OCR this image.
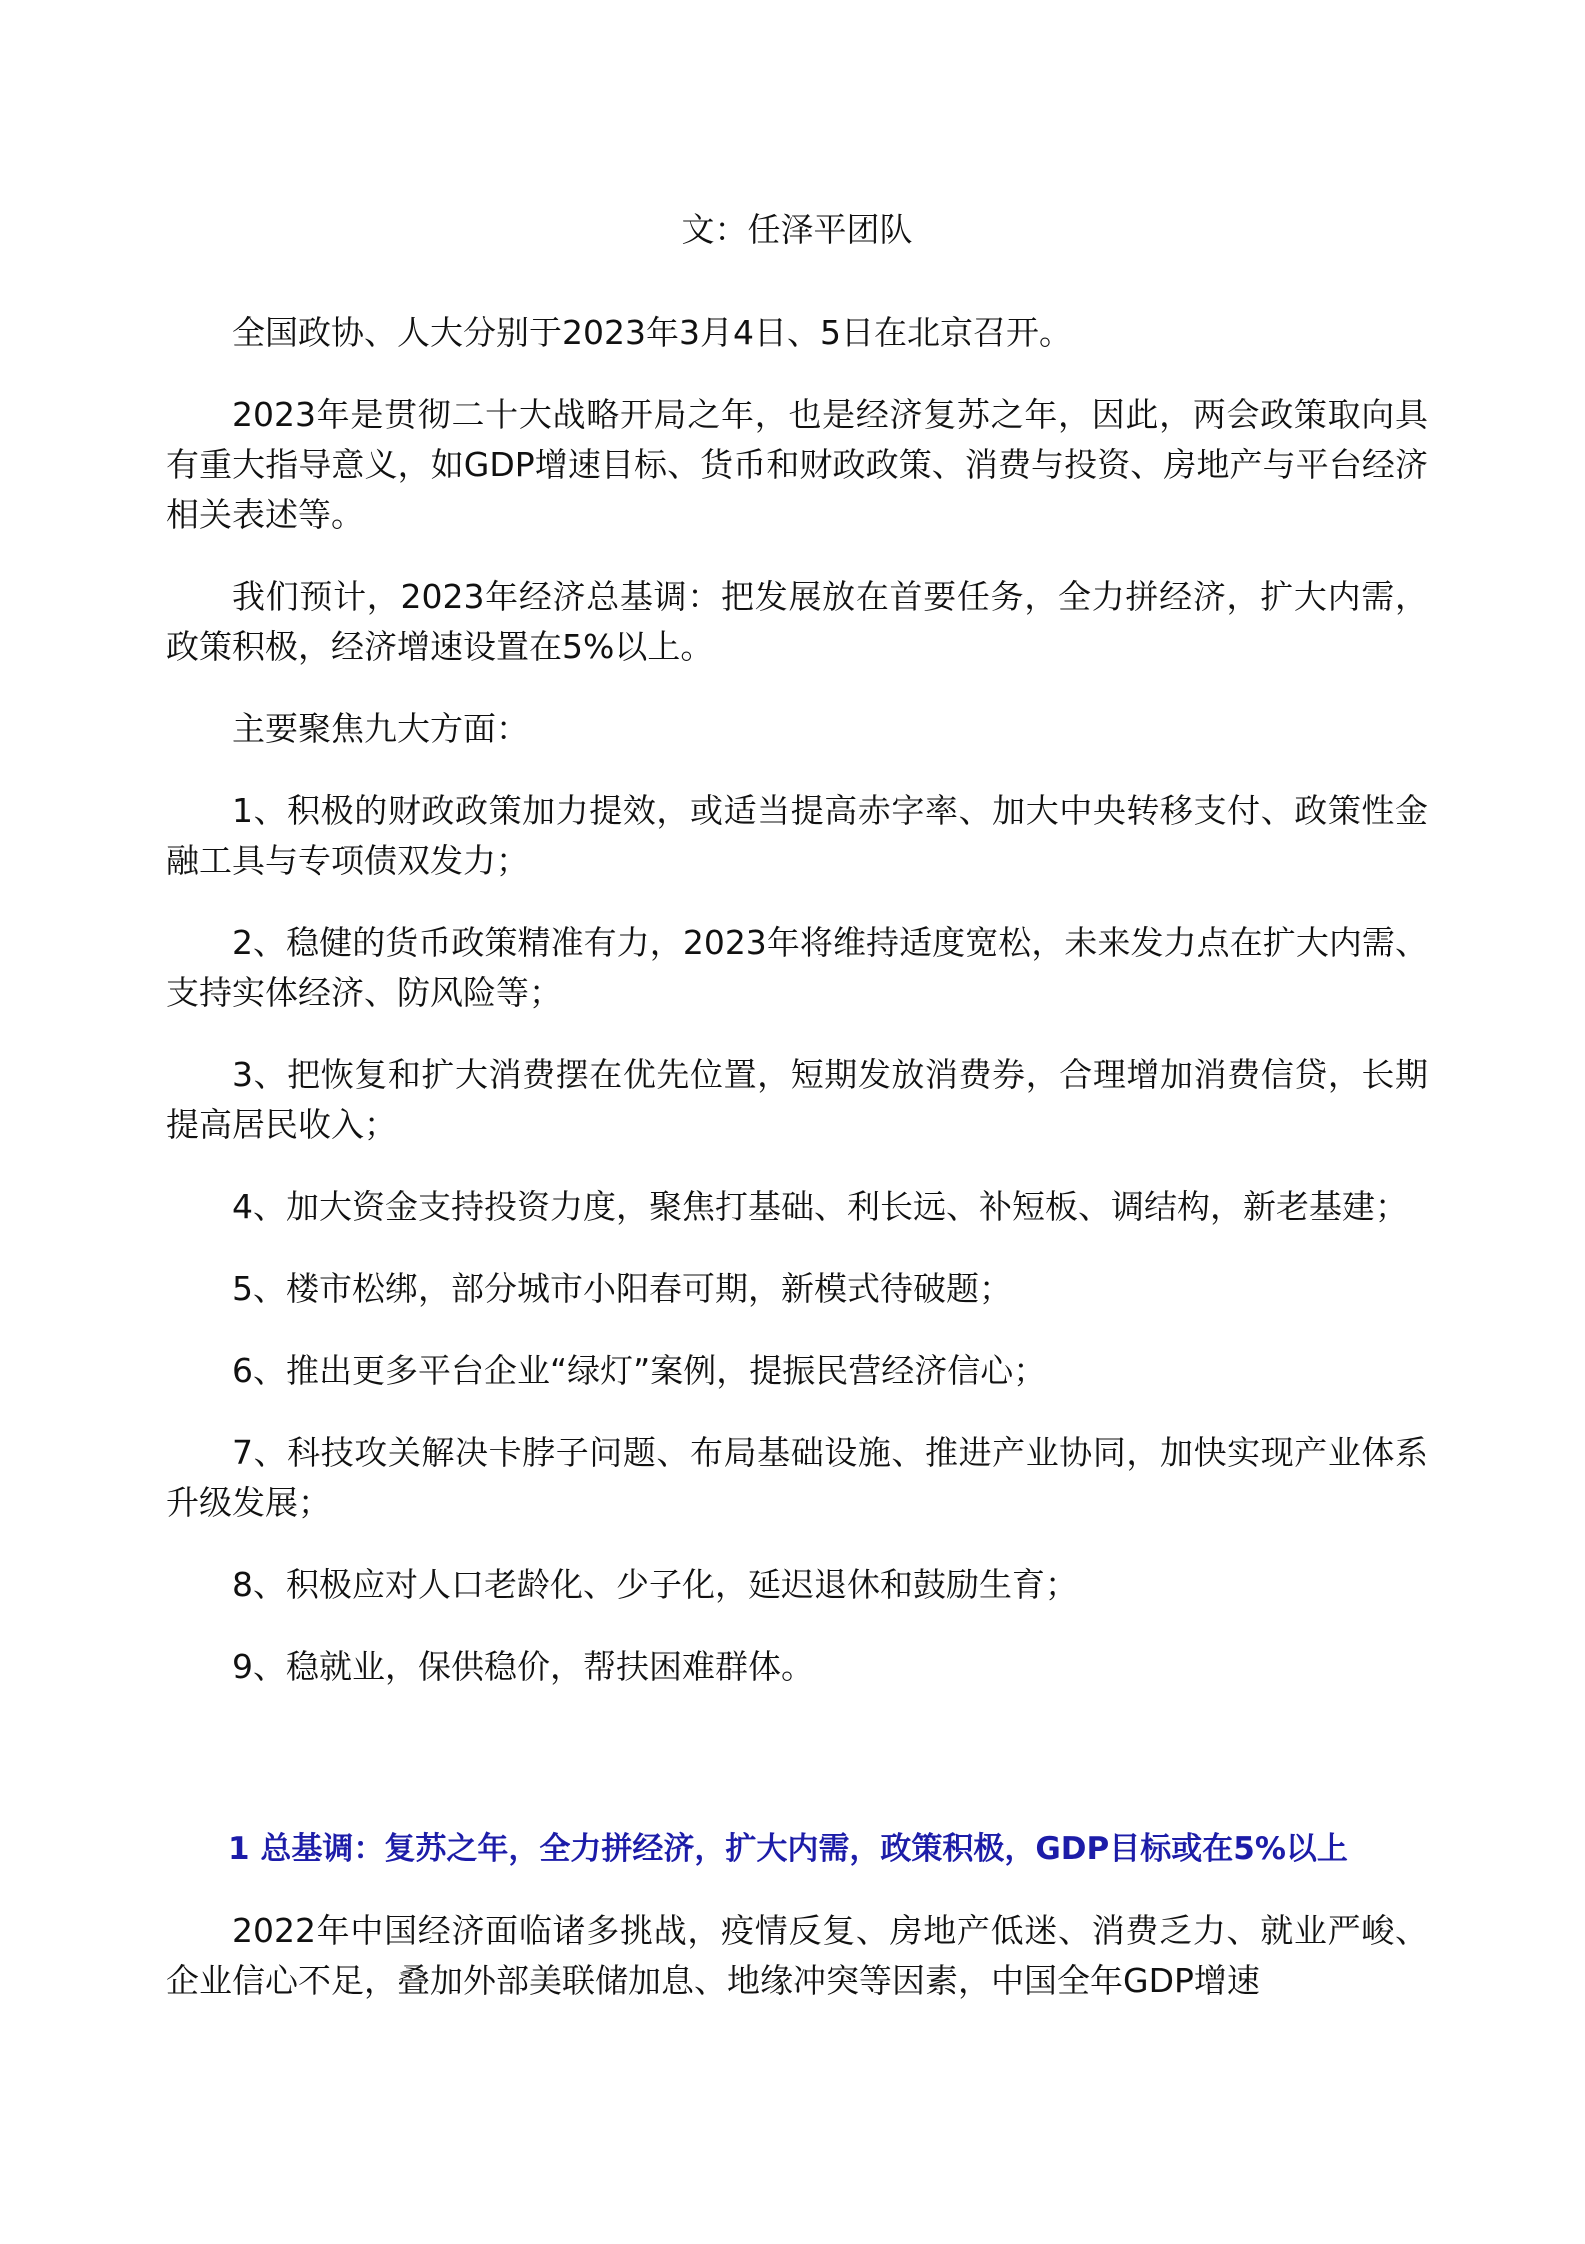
文：任泽平团队

全国政协、人大分别于2023年3月4日、5日在北京召开。

2023年是贯彻二十大战略开局之年，也是经济复苏之年，因此，两会政策取向具有重大指导意义，如GDP增速目标、货币和财政政策、消费与投资、房地产与平台经济相关表述等。

我们预计，2023年经济总基调：把发展放在首要任务，全力拼经济，扩大内需，政策积极，经济增速设置在5%以上。

主要聚焦九大方面：

1、积极的财政政策加力提效，或适当提高赤字率、加大中央转移支付、政策性金融工具与专项债双发力；

2、稳健的货币政策精准有力，2023年将维持适度宽松，未来发力点在扩大内需、支持实体经济、防风险等；

3、把恢复和扩大消费摆在优先位置，短期发放消费券，合理增加消费信贷，长期提高居民收入；

4、加大资金支持投资力度，聚焦打基础、利长远、补短板、调结构，新老基建；

5、楼市松绑，部分城市小阳春可期，新模式待破题；

6、推出更多平台企业“绿灯”案例，提振民营经济信心；

7、科技攻关解决卡脖子问题、布局基础设施、推进产业协同，加快实现产业体系升级发展；

8、积极应对人口老龄化、少子化，延迟退休和鼓励生育；

9、稳就业，保供稳价，帮扶困难群体。

1 总基调：复苏之年，全力拼经济，扩大内需，政策积极，GDP目标或在5%以上

2022年中国经济面临诸多挑战，疫情反复、房地产低迷、消费乏力、就业严峻、企业信心不足，叠加外部美联储加息、地缘冲突等因素，中国全年GDP增速
